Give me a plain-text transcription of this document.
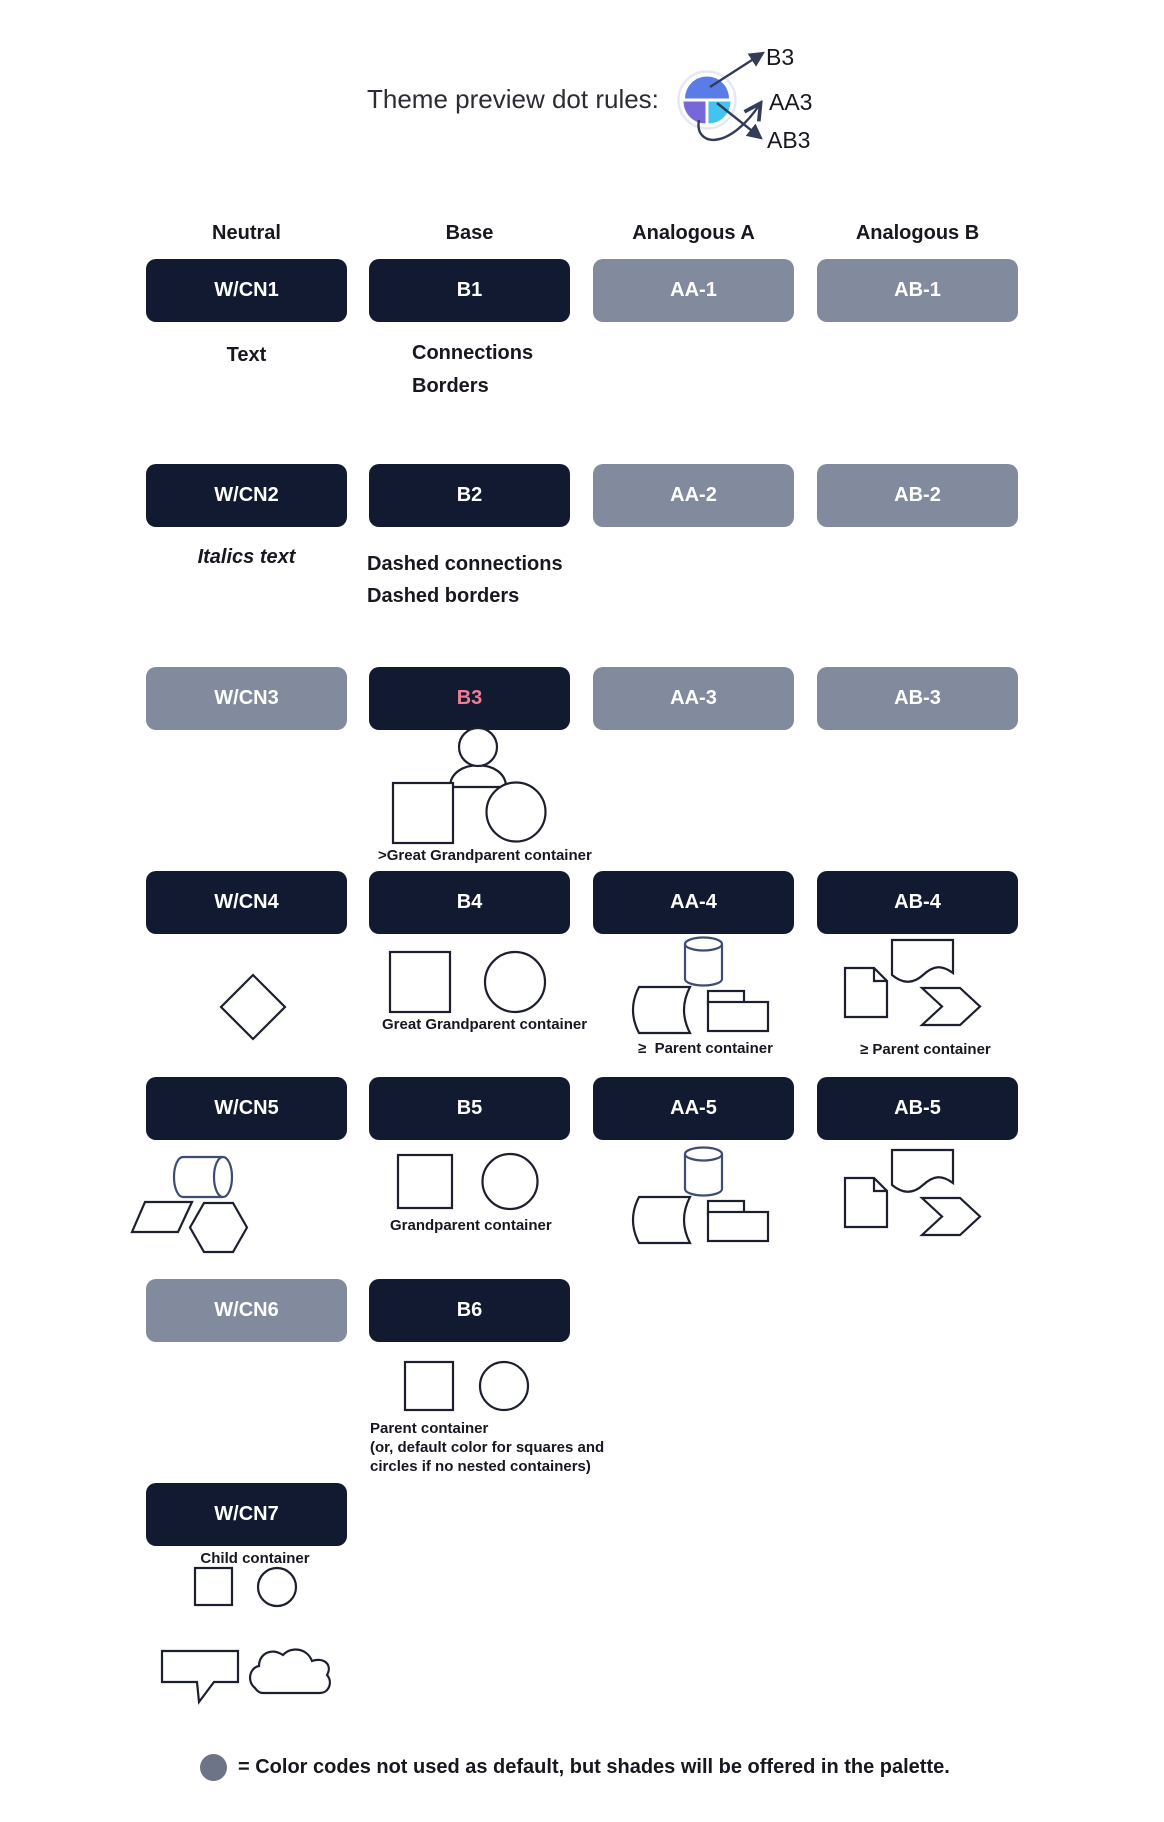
Theme preview dot rules:
B3
AA3
AB3
Neutral	Base	Analogous A	Analogous B
W/CN1	B1	AA-1	AB-1
Text	Connections
Borders
W/CN2	B2	AA-2	AB-2
Italics text	Dashed connections
Dashed borders
W/CN3	B3	AA-3	AB-3
>Great Grandparent container
W/CN4	B4	AA-4	AB-4
Great Grandparent container
≥  Parent container	≥ Parent container
W/CN5	B5	AA-5	AB-5
Grandparent container
W/CN6	B6
Parent container
(or, default color for squares and
circles if no nested containers)
W/CN7
Child container
= Color codes not used as default, but shades will be offered in the palette.
